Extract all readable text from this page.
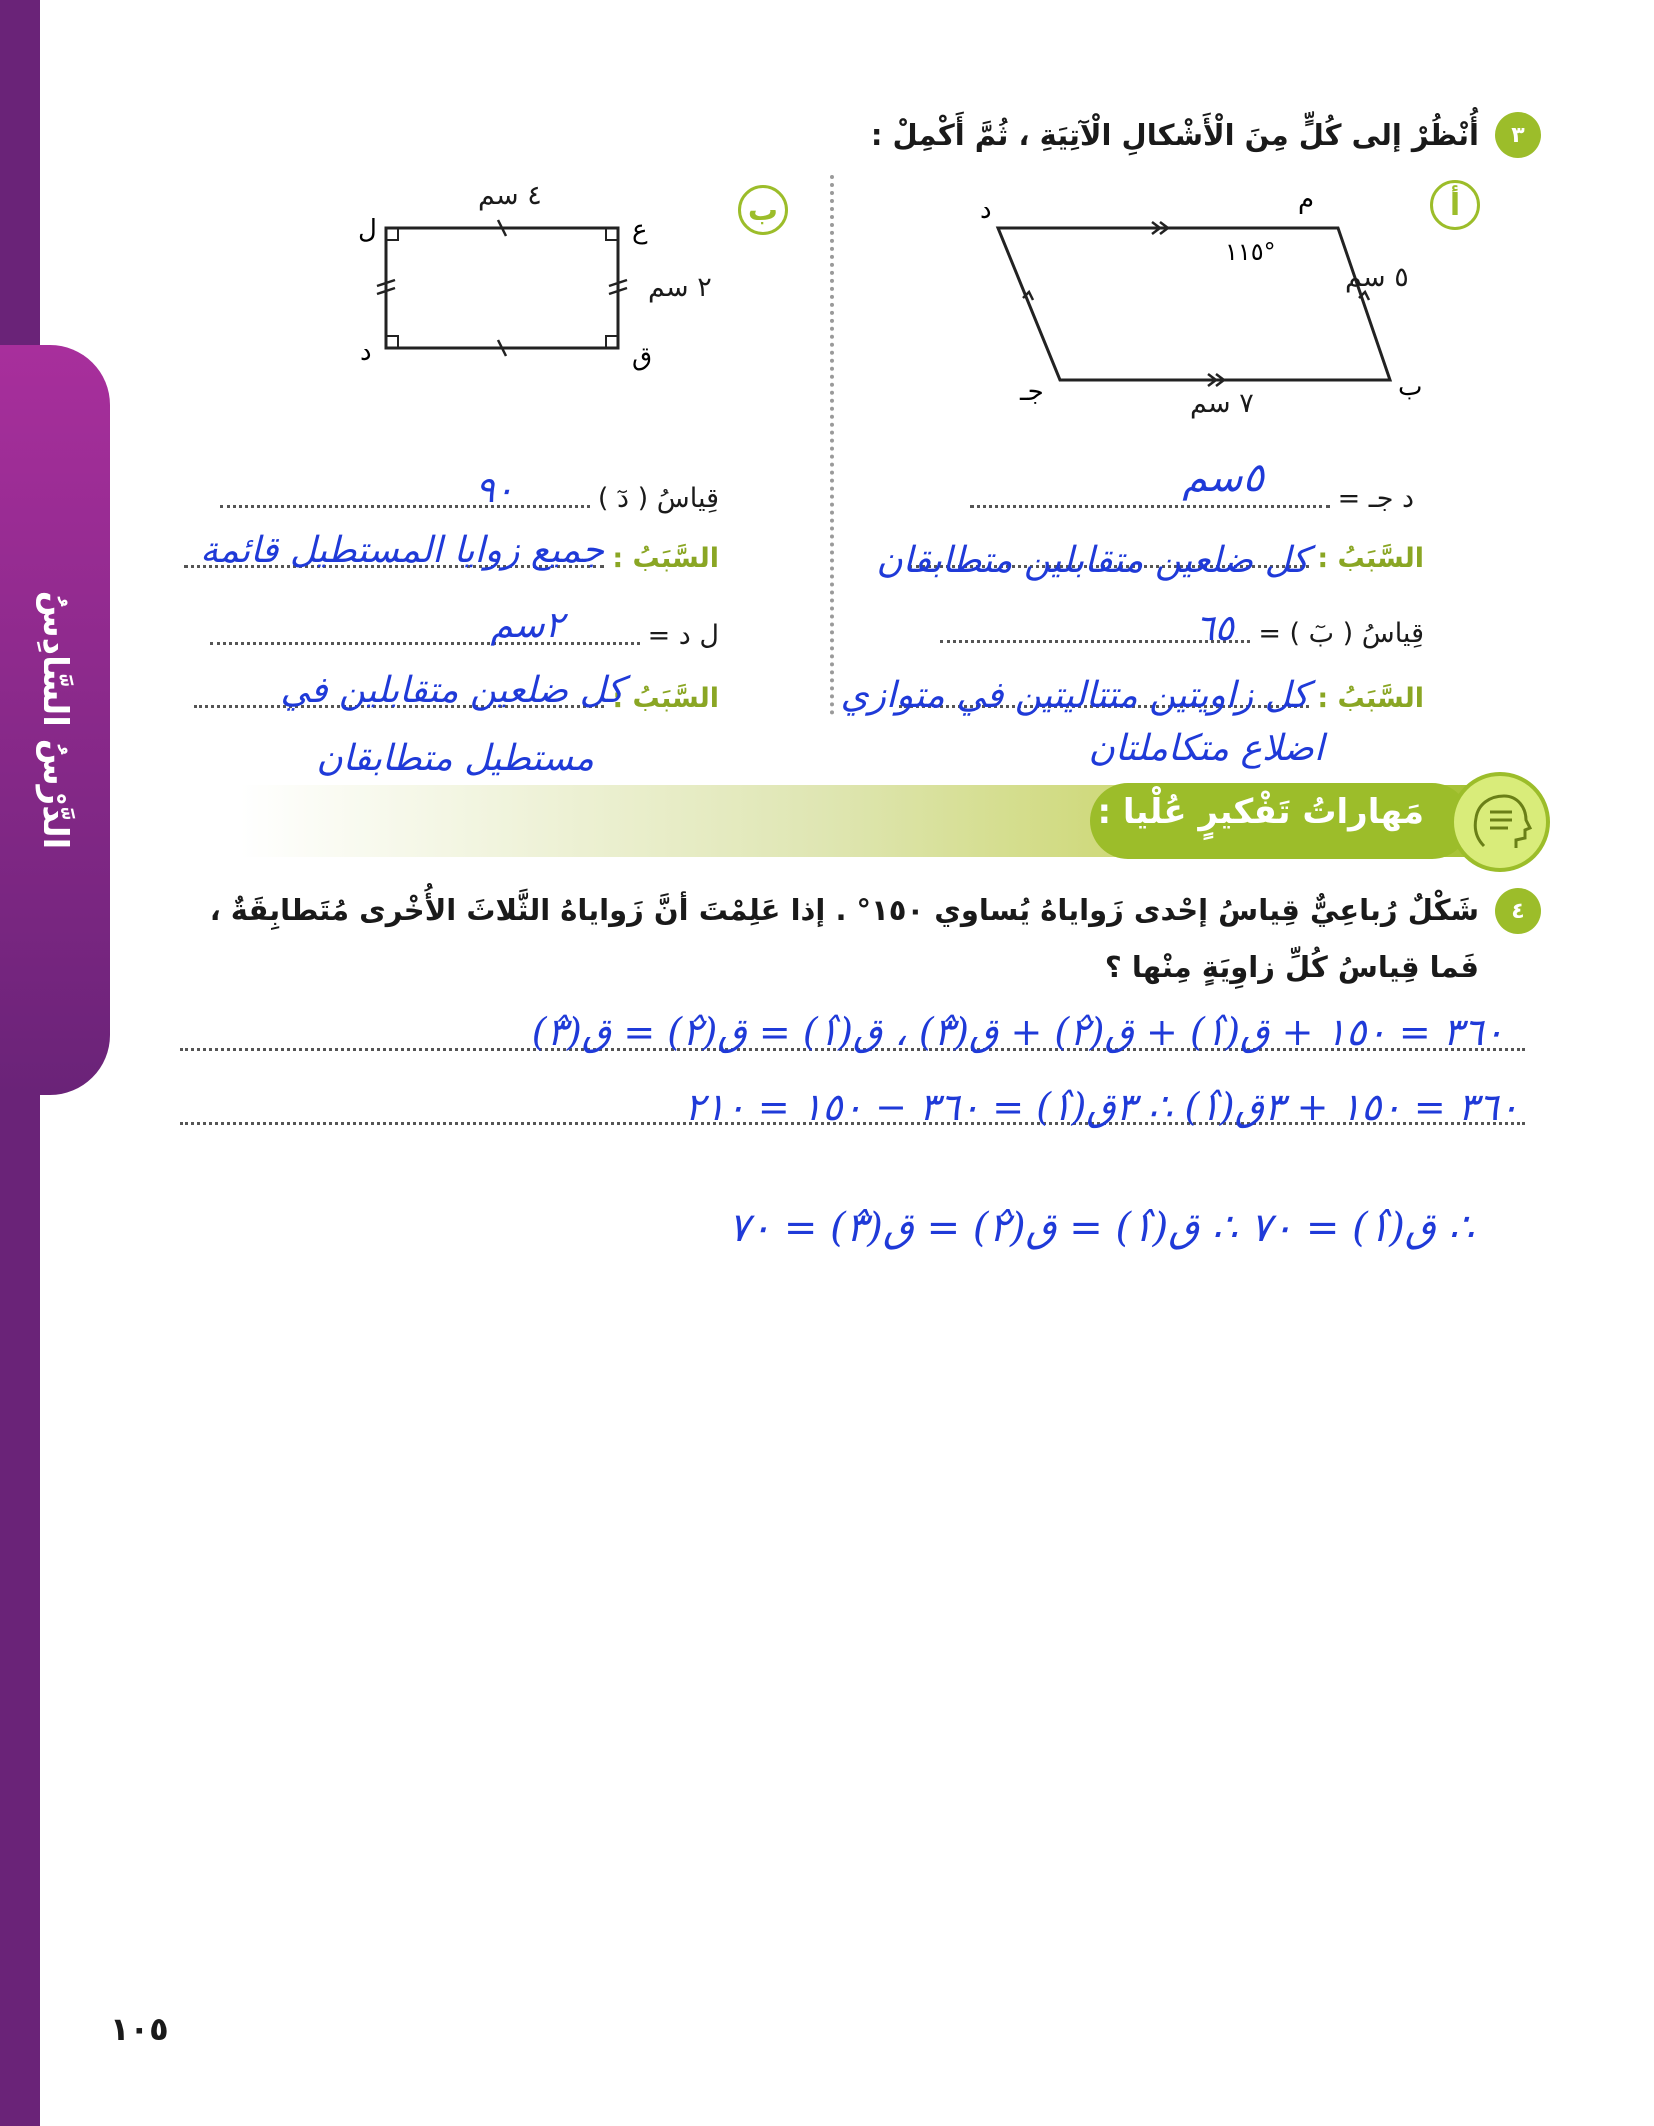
الدَّرْسُ السَّادِسُ
٣
أُنْظُرْ إلى كُلٍّ مِنَ الْأَشْكالِ الْآتِيَةِ ، ثُمَّ أَكْمِلْ :
أ
د	م
ب
جـ
١١٥°
٥ سم
٧ سم
ب
ل	ع
د	ق
٤ سم
٢ سم
د جـ =
٥سم
السَّبَبُ :
كل ضلعين متقابلين متطابقان
قِياسُ ( بٓ ) =
٦٥
السَّبَبُ :
كل زاويتين متتاليتين في متوازي
اضلاع متكاملتان
قِياسُ ( دٓ )
٩٠
السَّبَبُ :
جميع زوايا المستطيل قائمة
ل د =
٢سم
السَّبَبُ :
كل ضلعين متقابلين في
مستطيل متطابقان
مَهاراتُ تَفْكيرٍ عُلْيا :
٤
شَكْلٌ رُباعِيٌّ قِياسُ إحْدى زَواياهُ يُساوي ١٥٠° . إذا عَلِمْتَ أنَّ زَواياهُ الثَّلاثَ الأُخْرى مُتَطابِقَةٌ ،
فَما قِياسُ كُلِّ زاوِيَةٍ مِنْها ؟
٣٦٠ = ١٥٠ + ق(١̂) + ق(٢̂) + ق(٣̂) ، ق(١̂) = ق(٢̂) = ق(٣̂)
٣٦٠ = ١٥٠ + ٣ق(١̂) ∴ ٣ق(١̂) = ٣٦٠ − ١٥٠ = ٢١٠
∴ ق(١̂) = ٧٠ ∴ ق(١̂) = ق(٢̂) = ق(٣̂) = ٧٠
١٠٥
